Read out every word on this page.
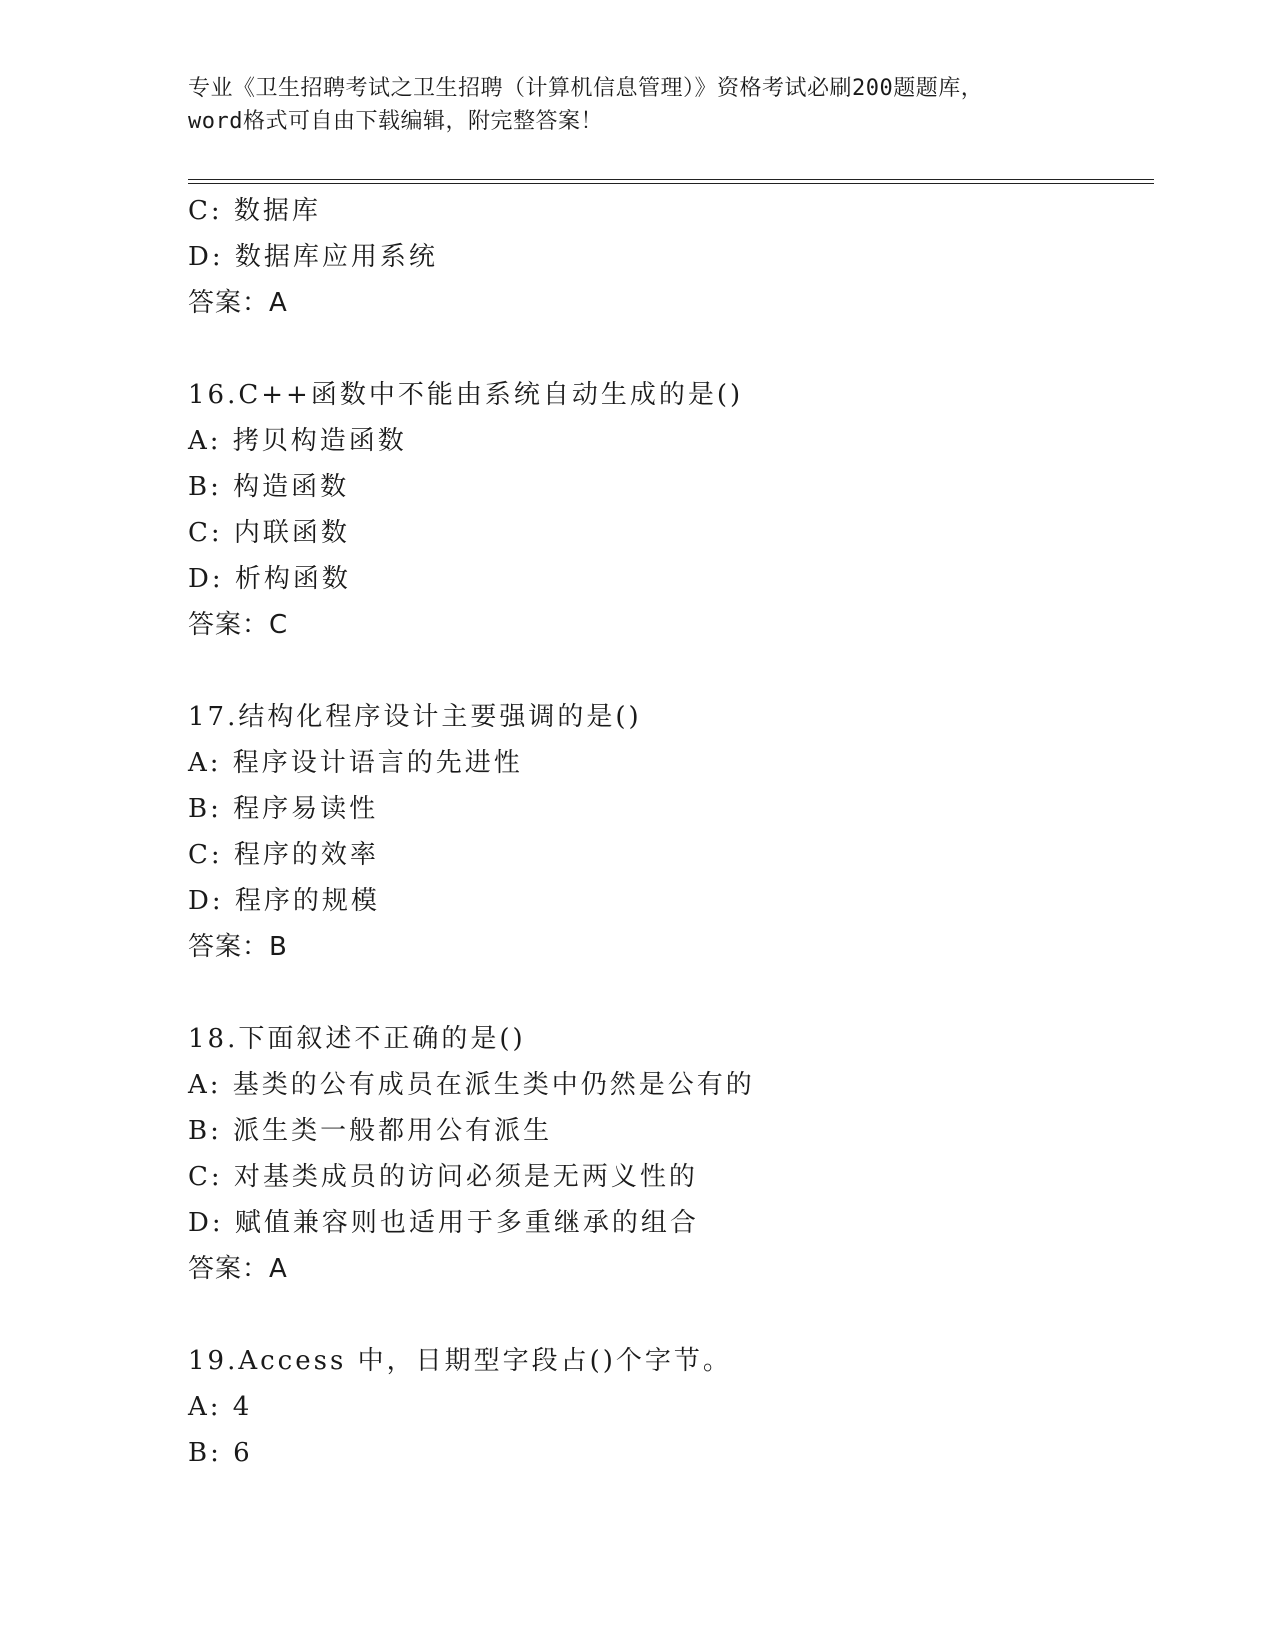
专业《卫生招聘考试之卫生招聘（计算机信息管理）》资格考试必刷200题题库，
word格式可自由下载编辑，附完整答案！
C: 数据库
D: 数据库应用系统
答案：A
16.C++函数中不能由系统自动生成的是()
A: 拷贝构造函数
B: 构造函数
C: 内联函数
D: 析构函数
答案：C
17.结构化程序设计主要强调的是()
A: 程序设计语言的先进性
B: 程序易读性
C: 程序的效率
D: 程序的规模
答案：B
18.下面叙述不正确的是()
A: 基类的公有成员在派生类中仍然是公有的
B: 派生类一般都用公有派生
C: 对基类成员的访问必须是无两义性的
D: 赋值兼容则也适用于多重继承的组合
答案：A
19.Access 中，日期型字段占()个字节。
A: 4
B: 6
